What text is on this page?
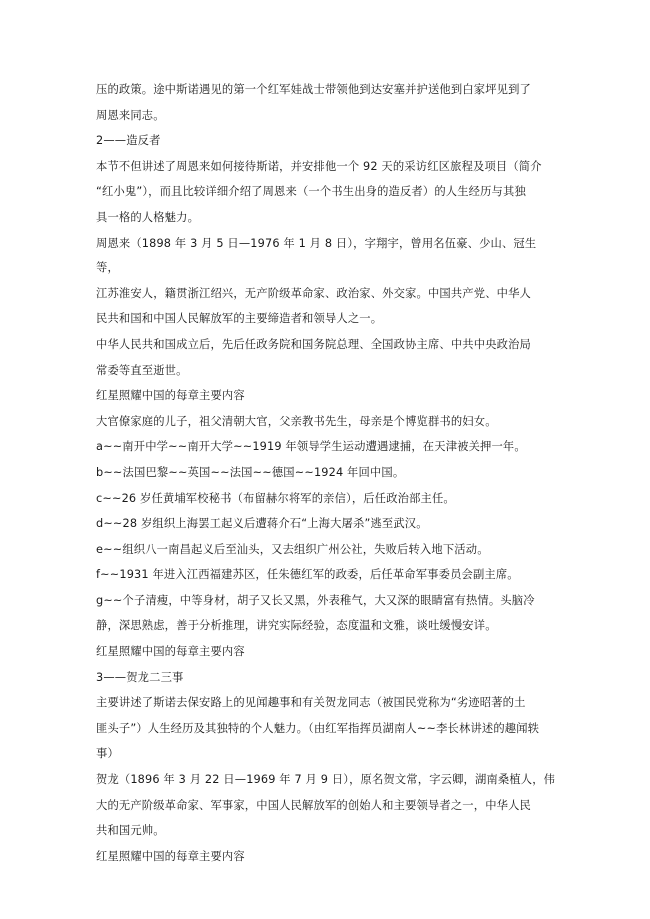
压的政策。途中斯诺遇见的第一个红军娃战士带领他到达安塞并护送他到白家坪见到了
周恩来同志。
2——造反者
本节不但讲述了周恩来如何接待斯诺，并安排他一个 92 天的采访红区旅程及项目（简介
“红小鬼”），而且比较详细介绍了周恩来（一个书生出身的造反者）的人生经历与其独
具一格的人格魅力。
周恩来（1898 年 3 月 5 日—1976 年 1 月 8 日），字翔宇，曾用名伍豪、少山、冠生等，
江苏淮安人，籍贯浙江绍兴，无产阶级革命家、政治家、外交家。中国共产党、中华人
民共和国和中国人民解放军的主要缔造者和领导人之一。
中华人民共和国成立后，先后任政务院和国务院总理、全国政协主席、中共中央政治局
常委等直至逝世。
红星照耀中国的每章主要内容
大官僚家庭的儿子，祖父清朝大官，父亲教书先生，母亲是个博览群书的妇女。
a~~南开中学~~南开大学~~1919 年领导学生运动遭遇逮捕，在天津被关押一年。
b~~法国巴黎~~英国~~法国~~德国~~1924 年回中国。
c~~26 岁任黄埔军校秘书（布留赫尔将军的亲信），后任政治部主任。
d~~28 岁组织上海罢工起义后遭蒋介石“上海大屠杀”逃至武汉。
e~~组织八一南昌起义后至汕头，又去组织广州公社，失败后转入地下活动。
f~~1931 年进入江西福建苏区，任朱德红军的政委，后任革命军事委员会副主席。
g~~个子清瘦，中等身材，胡子又长又黑，外表稚气，大又深的眼睛富有热情。头脑冷
静，深思熟虑，善于分析推理，讲究实际经验，态度温和文雅，谈吐缓慢安详。
红星照耀中国的每章主要内容
3——贺龙二三事
主要讲述了斯诺去保安路上的见闻趣事和有关贺龙同志（被国民党称为“劣迹昭著的土
匪头子”）人生经历及其独特的个人魅力。（由红军指挥员湖南人~~李长林讲述的趣闻轶
事）
贺龙（1896 年 3 月 22 日—1969 年 7 月 9 日），原名贺文常，字云卿，湖南桑植人，伟
大的无产阶级革命家、军事家，中国人民解放军的创始人和主要领导者之一，中华人民
共和国元帅。
红星照耀中国的每章主要内容
